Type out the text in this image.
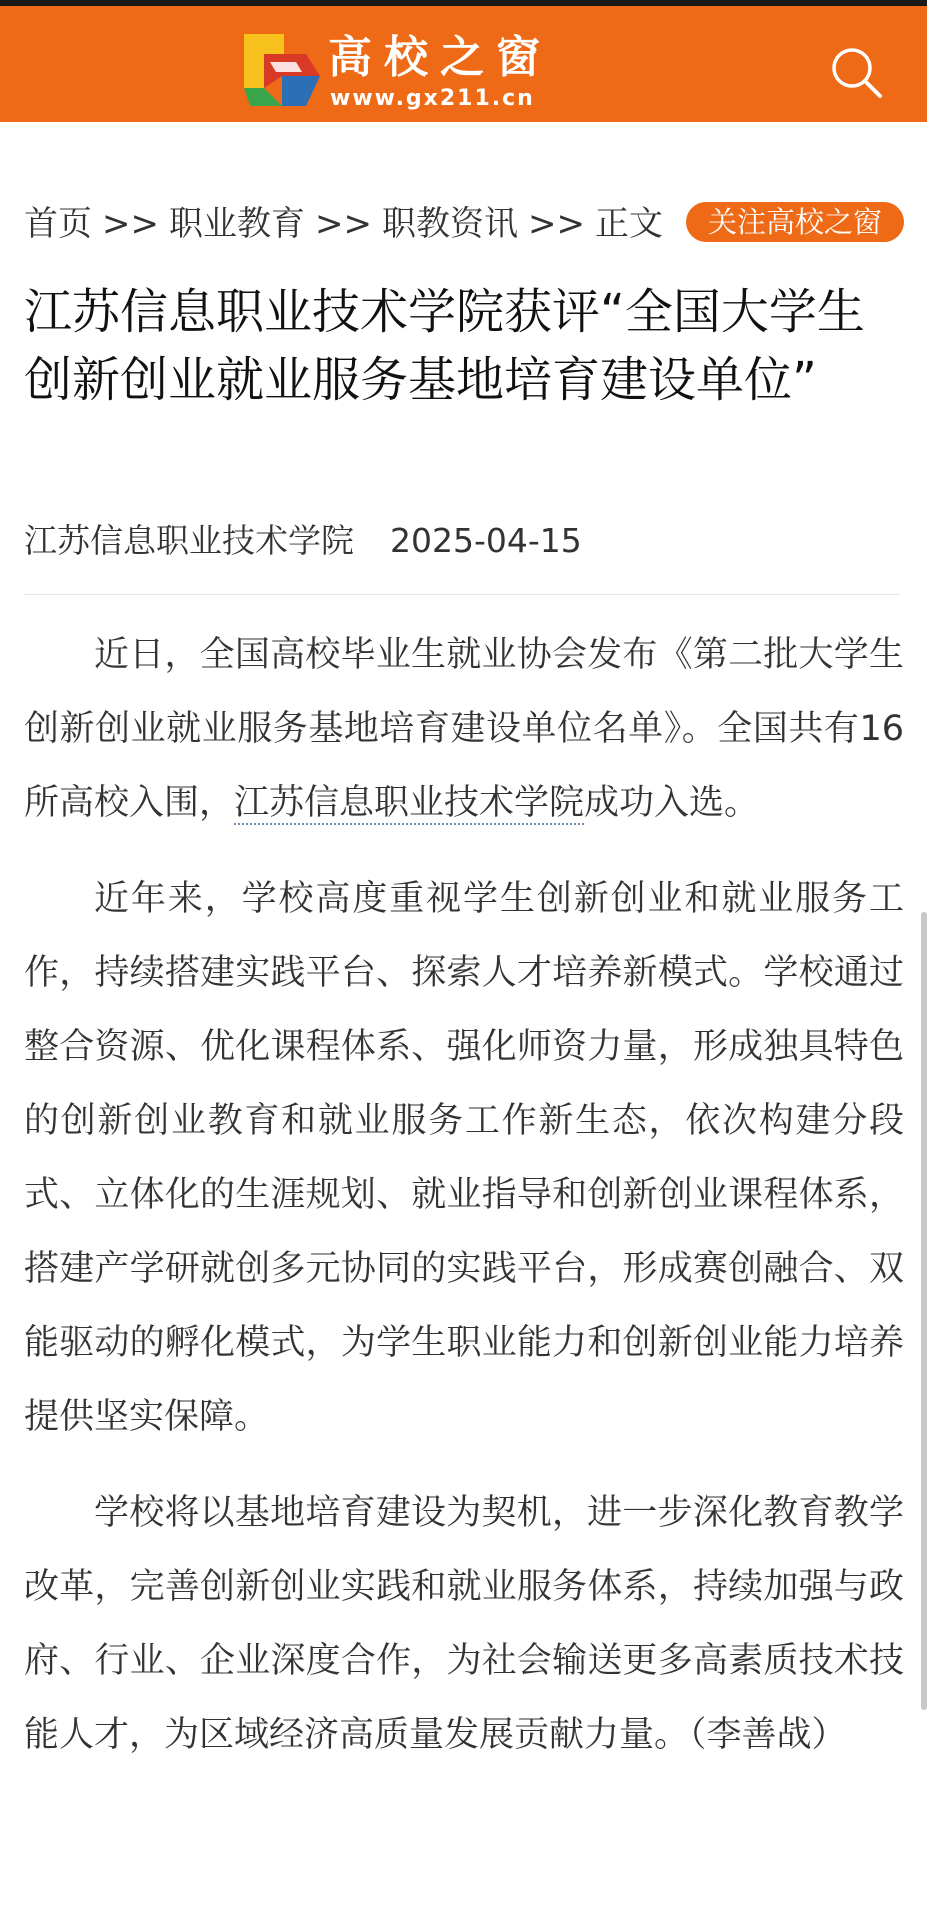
高校之窗
www.gx211.cn
首页 >> 职业教育 >> 职教资讯 >> 正文	关注高校之窗
江苏信息职业技术学院获评“全国大学生创新创业就业服务基地培育建设单位”
江苏信息职业技术学院 2025-04-15

近日，全国高校毕业生就业协会发布《第二批大学生创新创业就业服务基地培育建设单位名单》。全国共有16所高校入围，江苏信息职业技术学院成功入选。

近年来，学校高度重视学生创新创业和就业服务工作，持续搭建实践平台、探索人才培养新模式。学校通过整合资源、优化课程体系、强化师资力量，形成独具特色的创新创业教育和就业服务工作新生态，依次构建分段式、立体化的生涯规划、就业指导和创新创业课程体系，搭建产学研就创多元协同的实践平台，形成赛创融合、双能驱动的孵化模式，为学生职业能力和创新创业能力培养提供坚实保障。

学校将以基地培育建设为契机，进一步深化教育教学改革，完善创新创业实践和就业服务体系，持续加强与政府、行业、企业深度合作，为社会输送更多高素质技术技能人才，为区域经济高质量发展贡献力量。（李善战）
